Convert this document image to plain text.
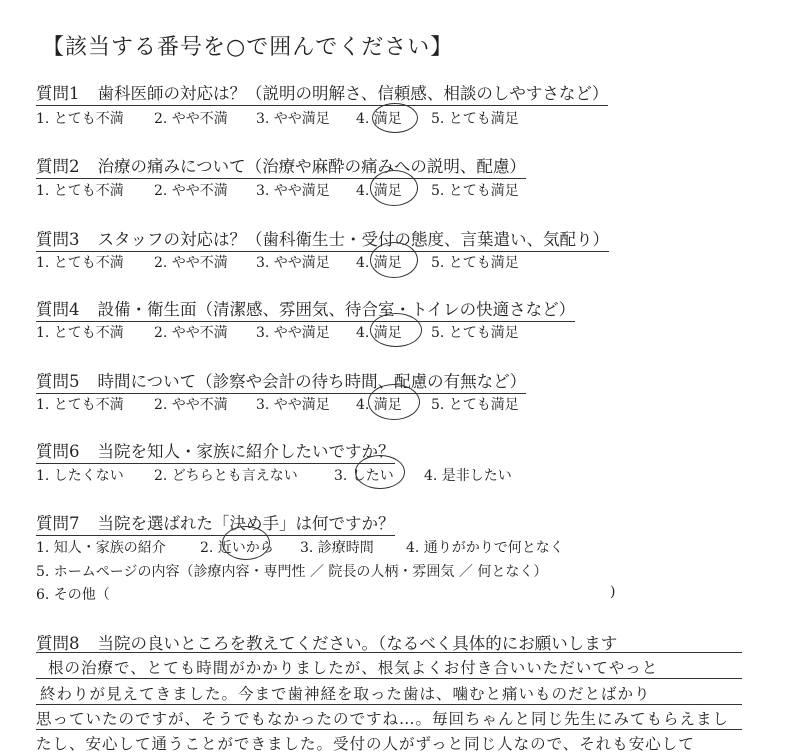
【該当する番号を○で囲んでください】
質問1 歯科医師の対応は？（説明の明解さ、信頼感、相談のしやすさなど）
1. とても不満 2. やや不満 3. やや満足 4. 満足 5. とても満足
質問2 治療の痛みについて（治療や麻酔の痛みへの説明、配慮）
1. とても不満 2. やや不満 3. やや満足 4. 満足 5. とても満足
質問3 スタッフの対応は？（歯科衛生士・受付の態度、言葉遣い、気配り）
1. とても不満 2. やや不満 3. やや満足 4. 満足 5. とても満足
質問4 設備・衛生面（清潔感、雰囲気、待合室・トイレの快適さなど）
1. とても不満 2. やや不満 3. やや満足 4. 満足 5. とても満足
質問5 時間について（診察や会計の待ち時間、配慮の有無など）
1. とても不満 2. やや不満 3. やや満足 4. 満足 5. とても満足
質問6 当院を知人・家族に紹介したいですか？
1. したくない 2. どちらとも言えない	3. したい 4. 是非したい
質問7 当院を選ばれた「決め手」は何ですか？
1. 知人・家族の紹介 2. 近いから 3. 診療時間 4. 通りがかりで何となく
5. ホームページの内容（診療内容・専門性 ／ 院長の人柄・雰囲気 ／ 何となく）
6. その他（	)
質問8 当院の良いところを教えてください。（なるべく具体的にお願いします
根の治療で、とても時間がかかりましたが、根気よくお付き合いいただいてやっと
終わりが見えてきました。今まで歯神経を取った歯は、噛むと痛いものだとばかり
思っていたのですが、そうでもなかったのですね…。毎回ちゃんと同じ先生にみてもらえまし
たし、安心して通うことができました。受付の人がずっと同じ人なので、それも安心して
